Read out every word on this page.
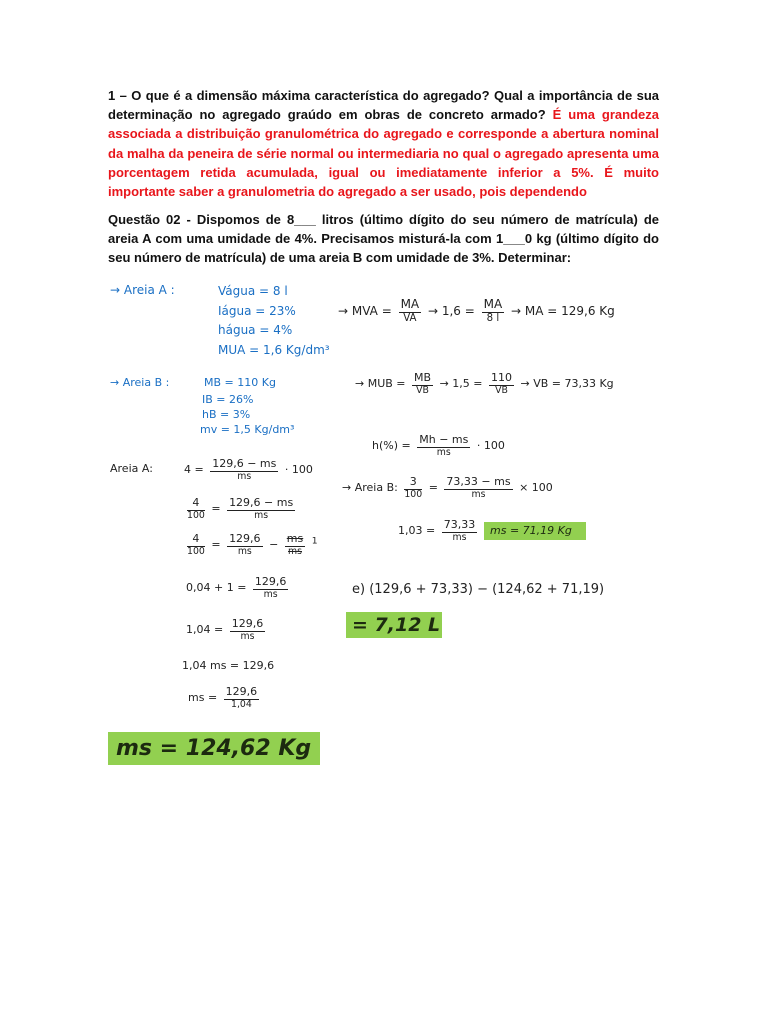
1 – O que é a dimensão máxima característica do agregado? Qual a importância de sua determinação no agregado graúdo em obras de concreto armado? É uma grandeza associada a distribuição granulométrica do agregado e corresponde a abertura nominal da malha da peneira de série normal ou intermediaria no qual o agregado apresenta uma porcentagem retida acumulada, igual ou imediatamente inferior a 5%. É muito importante saber a granulometria do agregado a ser usado, pois dependendo
Questão 02 - Dispomos de 8___ litros (último dígito do seu número de matrícula) de areia A com uma umidade de 4%. Precisamos misturá-la com 1___0 kg (último dígito do seu número de matrícula) de uma areia B com umidade de 3%. Determinar:
→ Areia A :	Vágua = 8 l
Iágua = 23%
hágua = 4%
MUA = 1,6 Kg/dm³
→ MVA = $\frac{MA}{VA} \to 1,6 = \frac{MA}{8 l}$ → MA = 129,6 Kg
→ Areia B :	MB = 110 Kg
IB = 26%
hB = 3%
mv = 1,5 Kg/dm³
→ MUB = $\frac{MB}{VB} \to 1,5 = \frac{110}{VB}$ → VB = 73,33 Kg
$h(\%) = \frac{Mh - ms}{ms} \cdot 100$
Areia A:	$4 = \frac{129,6 - ms}{ms} \cdot 100$
$\frac{4}{100} = \frac{129,6 - ms}{ms}$
$\frac{4}{100} = \frac{129,6}{ms} - \frac{ms}{ms} ^1$
$0,04 + 1 = \frac{129,6}{ms}$
$1,04 = \frac{129,6}{ms}$
1,04 ms = 129,6
ms = $\frac{129,6}{1,04}$
→ Areia B: $\frac{3}{100} = \frac{73,33 - ms}{ms} \times 100$
$1,03 = \frac{73,33}{ms}$	ms = 71,19 Kg
e) (129,6 + 73,33) − (124,62 + 71,19)
= 7,12 L
ms = 124,62 Kg
